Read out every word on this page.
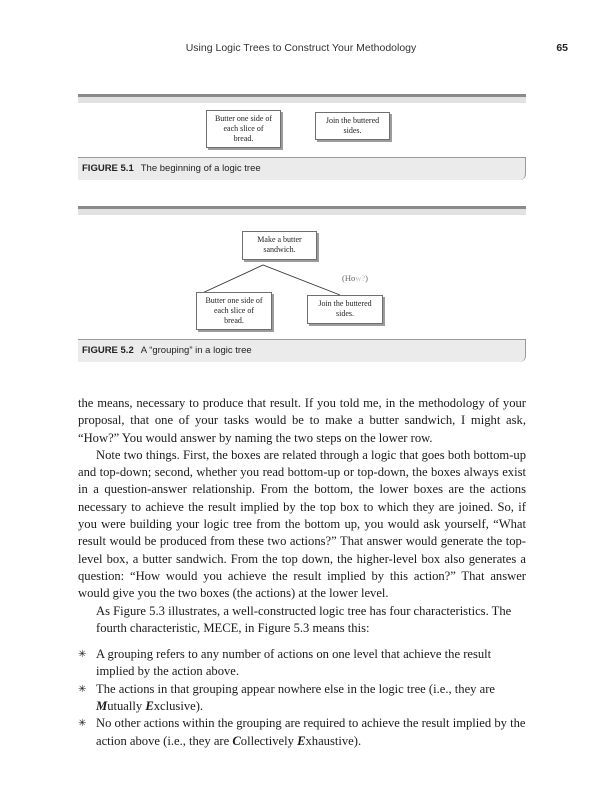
Using Logic Trees to Construct Your Methodology	65
Butter one side of
each slice of
bread.
Join the buttered
sides.
FIGURE 5.1 The beginning of a logic tree
Make a butter
sandwich.
(How?)
Butter one side of
each slice of
bread.
Join the buttered
sides.
FIGURE 5.2 A “grouping” in a logic tree

the means, necessary to produce that result. If you told me, in the methodology of your proposal, that one of your tasks would be to make a butter sandwich, I might ask, “How?” You would answer by naming the two steps on the lower row.

Note two things. First, the boxes are related through a logic that goes both bottom-up and top-down; second, whether you read bottom-up or top-down, the boxes always exist in a question-answer relationship. From the bottom, the lower boxes are the actions necessary to achieve the result implied by the top box to which they are joined. So, if you were building your logic tree from the bottom up, you would ask yourself, “What result would be produced from these two actions?” That answer would generate the top-level box, a butter sandwich. From the top down, the higher-level box also generates a question: “How would you achieve the result implied by this action?” That answer would give you the two boxes (the actions) at the lower level.

As Figure 5.3 illustrates, a well-constructed logic tree has four characteristics. The fourth characteristic, MECE, in Figure 5.3 means this:

✳ A grouping refers to any number of actions on one level that achieve the result implied by the action above.
✳ The actions in that grouping appear nowhere else in the logic tree (i.e., they are Mutually Exclusive).
✳ No other actions within the grouping are required to achieve the result implied by the action above (i.e., they are Collectively Exhaustive).
